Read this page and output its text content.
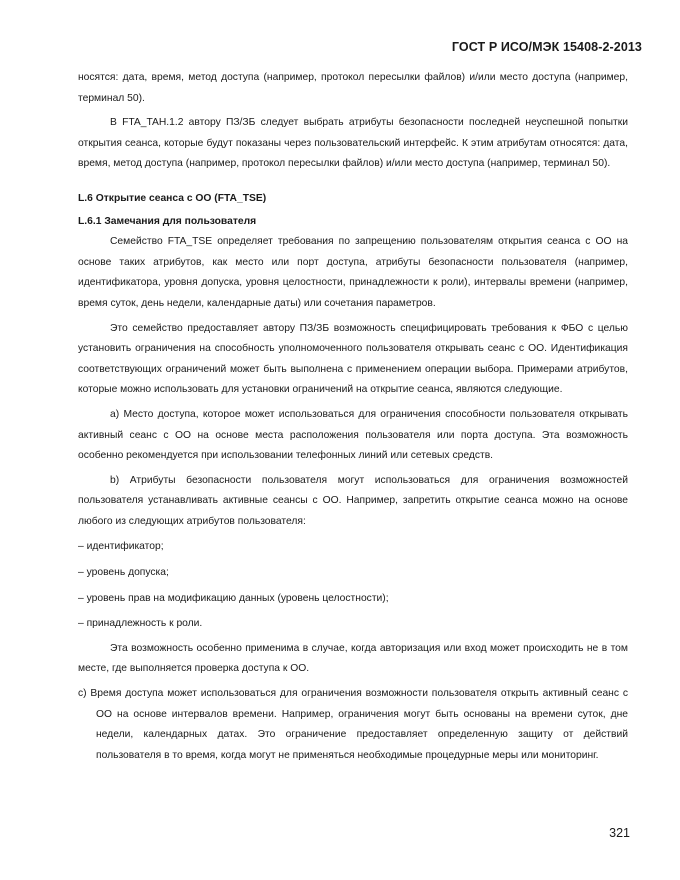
ГОСТ Р ИСО/МЭК 15408-2-2013

носятся: дата, время, метод доступа (например, протокол пересылки файлов) и/или место доступа (например, терминал 50).

В FTA_TAH.1.2 автору ПЗ/ЗБ следует выбрать атрибуты безопасности последней неуспешной попытки открытия сеанса, которые будут показаны через пользовательский интерфейс. К этим атрибутам относятся: дата, время, метод доступа (например, протокол пересылки файлов) и/или место доступа (например, терминал 50).

L.6 Открытие сеанса с ОО (FTA_TSE)

L.6.1 Замечания для пользователя

Семейство FTA_TSE определяет требования по запрещению пользователям открытия сеанса с ОО на основе таких атрибутов, как место или порт доступа, атрибуты безопасности пользователя (например, идентификатора, уровня допуска, уровня целостности, принадлежности к роли), интервалы времени (например, время суток, день недели, календарные даты) или сочетания параметров.

Это семейство предоставляет автору ПЗ/ЗБ возможность специфицировать требования к ФБО с целью установить ограничения на способность уполномоченного пользователя открывать сеанс с ОО. Идентификация соответствующих ограничений может быть выполнена с применением операции выбора. Примерами атрибутов, которые можно использовать для установки ограничений на открытие сеанса, являются следующие.

а) Место доступа, которое может использоваться для ограничения способности пользователя открывать активный сеанс с ОО на основе места расположения пользователя или порта доступа. Эта возможность особенно рекомендуется при использовании телефонных линий или сетевых средств.

b) Атрибуты безопасности пользователя могут использоваться для ограничения возможностей пользователя устанавливать активные сеансы с ОО. Например, запретить открытие сеанса можно на основе любого из следующих атрибутов пользователя:

– идентификатор;

– уровень допуска;

– уровень прав на модификацию данных (уровень целостности);

– принадлежность к роли.

Эта возможность особенно применима в случае, когда авторизация или вход может происходить не в том месте, где выполняется проверка доступа к ОО.

с) Время доступа может использоваться для ограничения возможности пользователя открыть активный сеанс с ОО на основе интервалов времени. Например, ограничения могут быть основаны на времени суток, дне недели, календарных датах. Это ограничение предоставляет определенную защиту от действий пользователя в то время, когда могут не применяться необходимые процедурные меры или мониторинг.

321
